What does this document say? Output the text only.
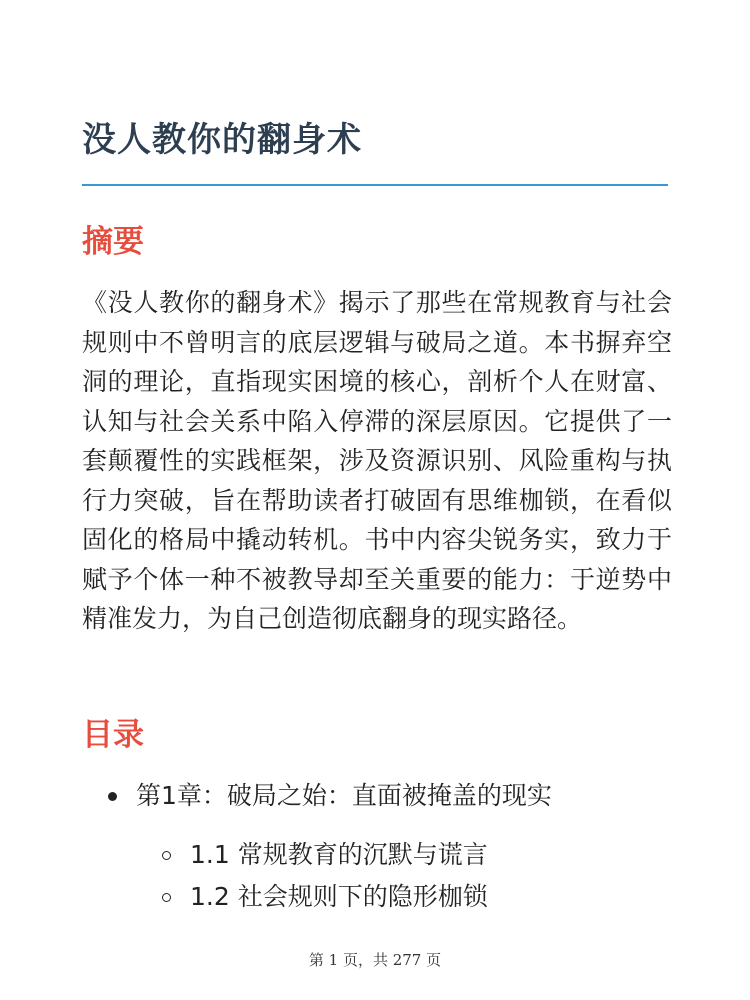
没人教你的翻身术
摘要

《没人教你的翻身术》揭示了那些在常规教育与社会规则中不曾明言的底层逻辑与破局之道。本书摒弃空洞的理论，直指现实困境的核心，剖析个人在财富、认知与社会关系中陷入停滞的深层原因。它提供了一套颠覆性的实践框架，涉及资源识别、风险重构与执行力突破，旨在帮助读者打破固有思维枷锁，在看似固化的格局中撬动转机。书中内容尖锐务实，致力于赋予个体一种不被教导却至关重要的能力：于逆势中精准发力，为自己创造彻底翻身的现实路径。

目录
第1章：破局之始：直面被掩盖的现实
1.1 常规教育的沉默与谎言
1.2 社会规则下的隐形枷锁
第 1 页，共 277 页
